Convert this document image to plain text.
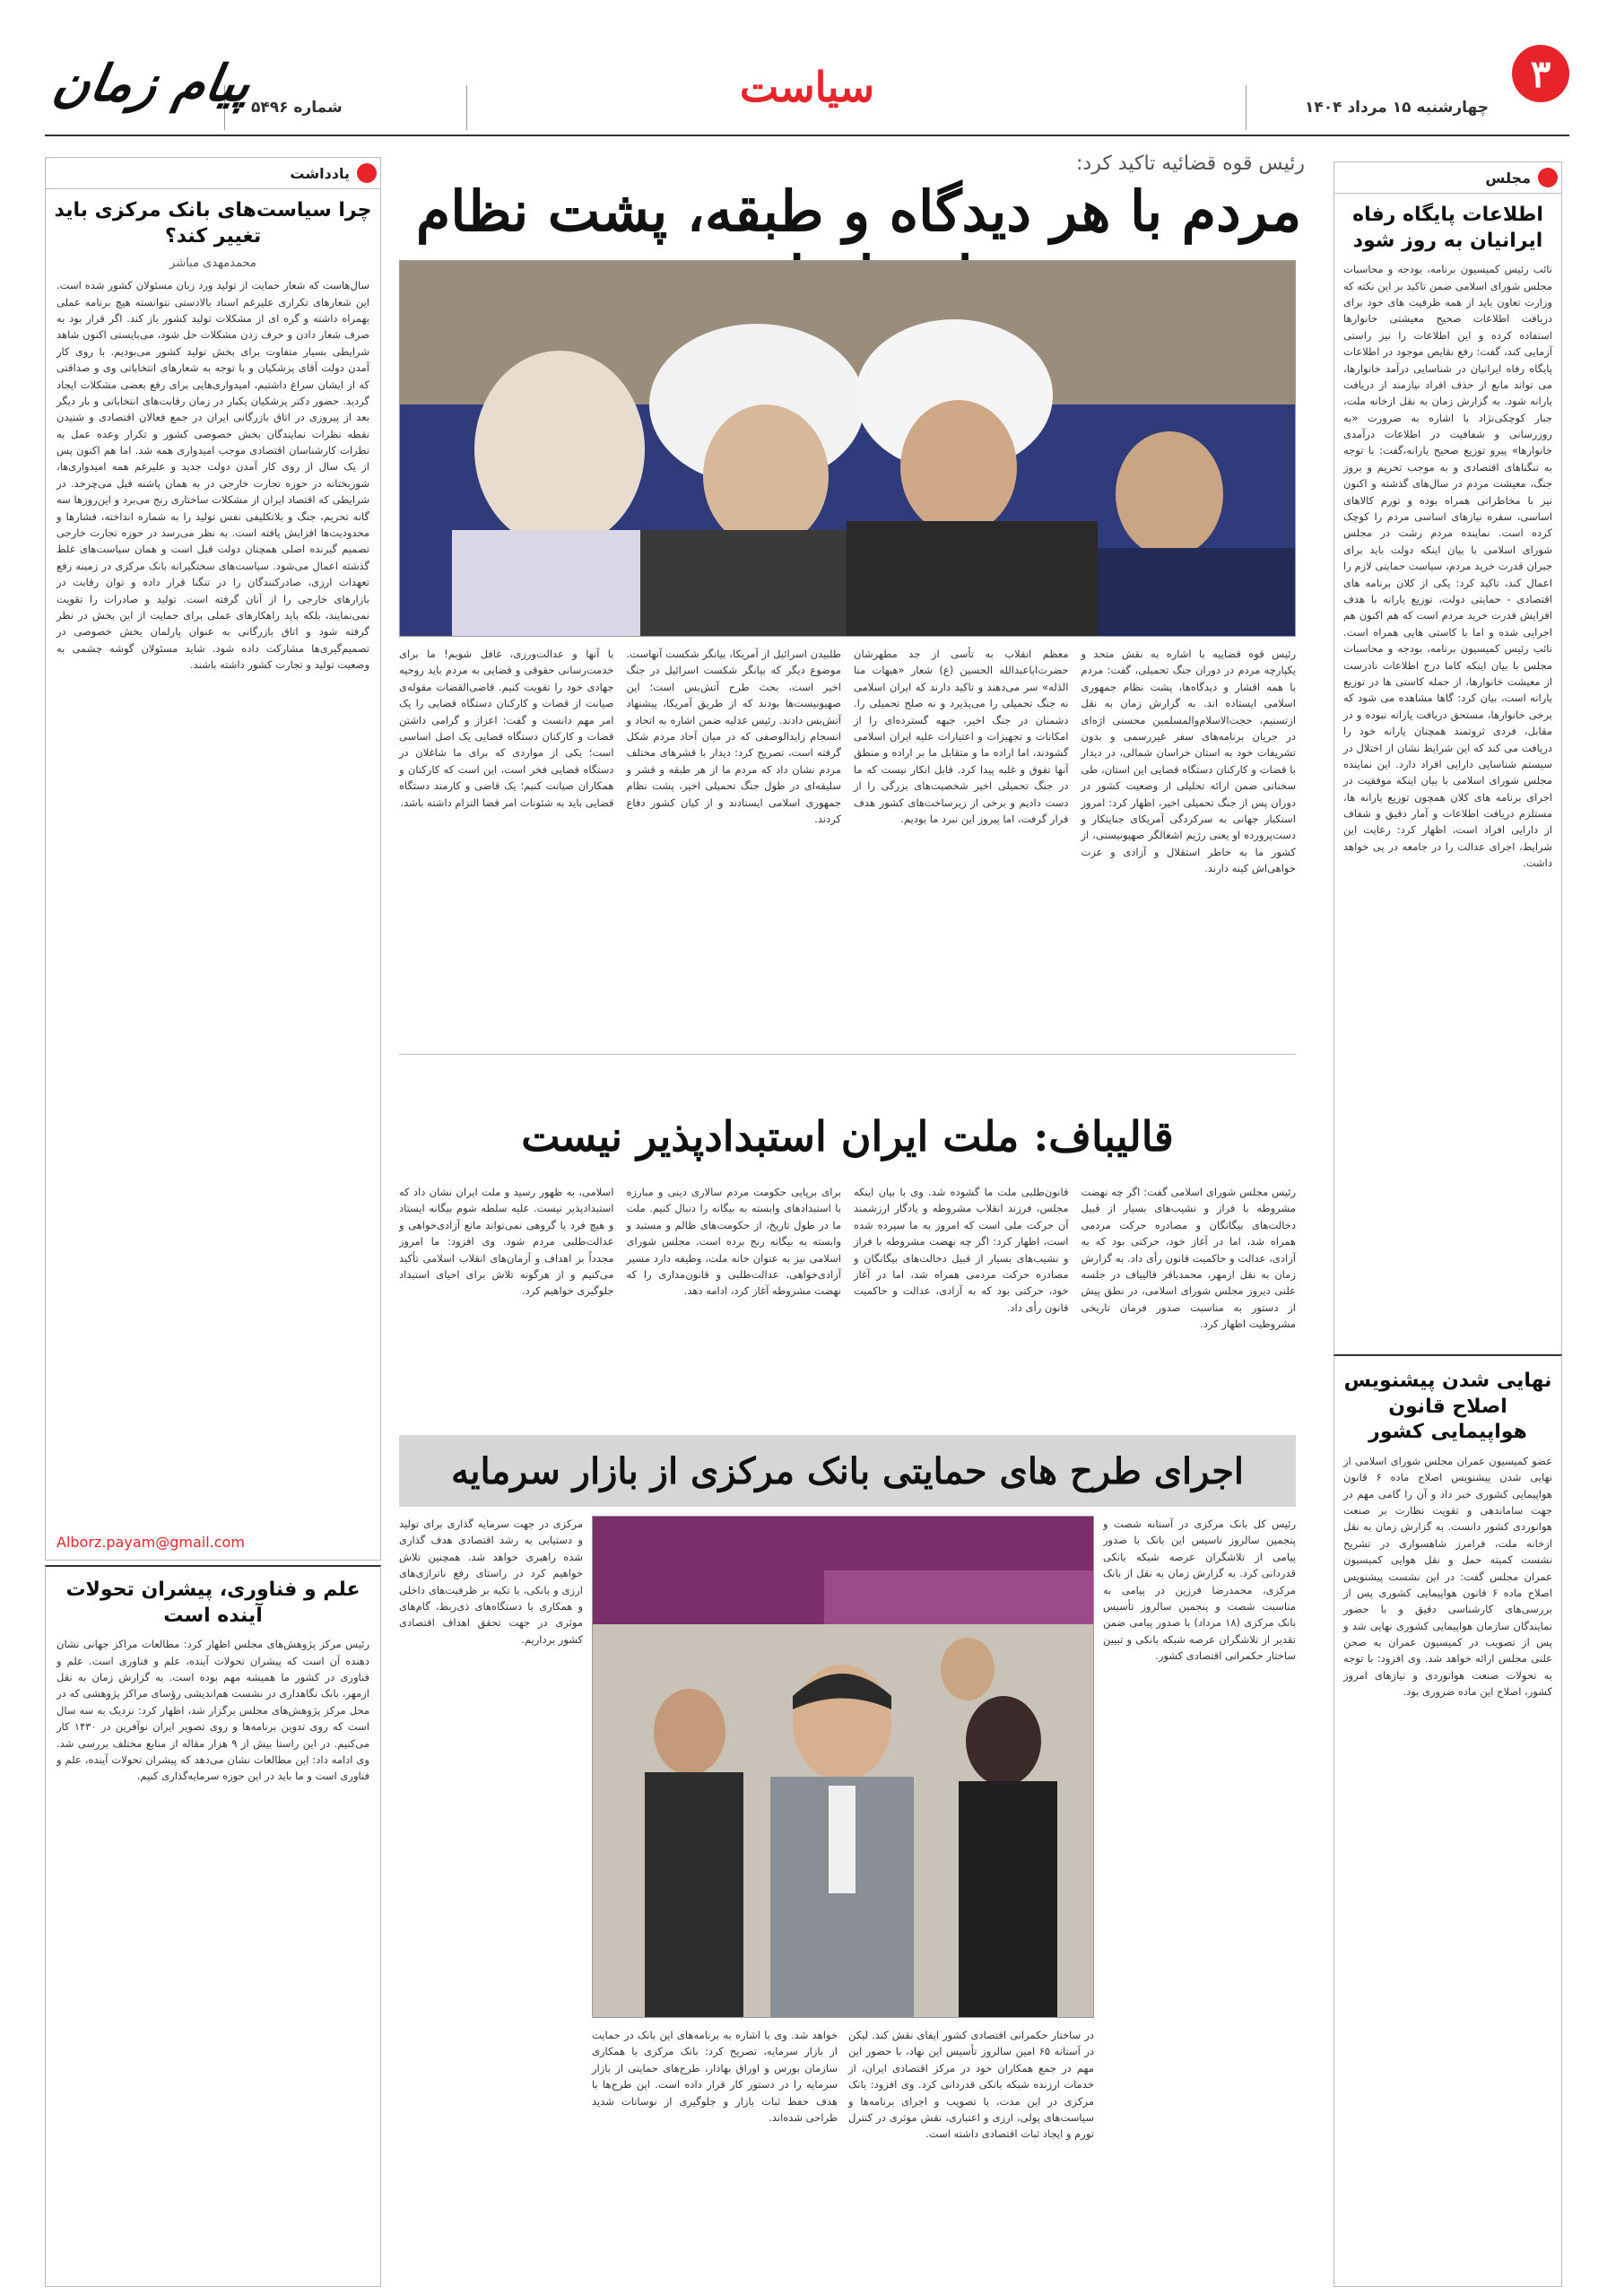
۳
چهارشنبه ۱۵ مرداد ۱۴۰۴
سیاست
شماره ۵۴۹۶
پیام زمان
مجلس
اطلاعات پایگاه رفاه ایرانیان به روز شود
نائب رئیس کمیسیون برنامه، بودجه و محاسبات مجلس شورای اسلامی ضمن تاکید بر این نکته که وزارت تعاون باید از همه ظرفیت های خود برای دریافت اطلاعات صحیح معیشتی خانوارها استفاده کرده و این اطلاعات را نیز راستی آزمایی کند، گفت: رفع نقایص موجود در اطلاعات پایگاه رفاه ایرانیان در شناسایی درآمد خانوارها، می تواند مانع از حذف افراد نیازمند از دریافت یارانه شود. به گزارش زمان به نقل ازخانه ملت، جبار کوچکی‌نژاد با اشاره به ضرورت «به روزرسانی و شفافیت در اطلاعات درآمدی خانوارها» پیرو توزیع صحیح یارانه،گفت: با توجه به تنگناهای اقتصادی و به موجب تحریم و بروز جنگ، معیشت مردم در سال‌های گذشته و اکنون نیز با مخاطراتی همراه بوده و تورم کالاهای اساسی، سفره نیازهای اساسی مردم را کوچک کرده است. نماینده مردم رشت در مجلس شورای اسلامی با بیان اینکه دولت باید برای جبران قدرت خرید مردم، سیاست حمایتی لازم را اعمال کند، تاکید کرد: یکی از کلان برنامه های اقتصادی - حمایتی دولت، توزیع یارانه با هدف افزایش قدرت خرید مردم است که هم اکنون هم اجرایی شده و اما با کاستی هایی همراه است. نائب رئیس کمیسیون برنامه، بودجه و محاسبات مجلس با بیان اینکه کاما درج اطلاعات نادرست از معیشت خانوارها، از جمله کاستی ها در توزیع یارانه است، بیان کرد: گاها مشاهده می شود که برخی خانوارها، مستحق دریافت یارانه نبوده و در مقابل، فردی ثروتمند همچنان یارانه خود را دریافت می کند که این شرایط نشان از اختلال در سیستم شناسایی دارایی افراد دارد. این نماینده مجلس شورای اسلامی با بیان اینکه موفقیت در اجرای برنامه های کلان همچون توزیع یارانه ها، مستلزم دریافت اطلاعات و آمار دقیق و شفاف از دارایی افراد است، اظهار کرد: رعایت این شرایط، اجرای عدالت را در جامعه در پی خواهد داشت.
نهایی شدن پیشنویس اصلاح قانون هواپیمایی کشور
عضو کمیسیون عمران مجلس شورای اسلامی از نهایی شدن پیشنویس اصلاح ماده ۶ قانون هواپیمایی کشوری خبر داد و آن را گامی مهم در جهت ساماندهی و تقویت نظارت بر صنعت هوانوردی کشور دانست. به گزارش زمان به نقل ازخانه ملت، فرامرز شاهسواری در تشریح نشست کمیته حمل و نقل هوایی کمیسیون عمران مجلس گفت: در این نشست پیشنویس اصلاح ماده ۶ قانون هواپیمایی کشوری پس از بررسی‌های کارشناسی دقیق و با حضور نمایندگان سازمان هواپیمایی کشوری نهایی شد و پس از تصویب در کمیسیون عمران به صحن علنی مجلس ارائه خواهد شد. وی افزود: با توجه به تحولات صنعت هوانوردی و نیازهای امروز کشور، اصلاح این ماده ضروری بود.
یادداشت
چرا سیاست‌های بانک مرکزی باید تغییر کند؟
محمدمهدی مباشر
سال‌هاست که شعار حمایت از تولید ورد زبان مسئولان کشور شده است. این شعارهای تکراری علیرغم اسناد بالادستی نتوانسته هیچ برنامه عملی بهمراه داشته و گره ای از مشکلات تولید کشور باز کند. اگر قرار بود به صرف شعار دادن و حرف زدن مشکلات حل شود، می‌بایستی اکنون شاهد شرایطی بسیار متفاوت برای بخش تولید کشور می‌بودیم. با روی کار آمدن دولت آقای پزشکیان و با توجه به شعارهای انتخاباتی وی و صداقتی که از ایشان سراغ داشتیم، امیدواری‌هایی برای رفع بعضی مشکلات ایجاد گردید. حضور دکتر پزشکیان یکبار در زمان رقابت‌های انتخاباتی و بار دیگر بعد از پیروزی در اتاق بازرگانی ایران در جمع فعالان اقتصادی و شنیدن نقطه نظرات نمایندگان بخش خصوصی کشور و تکرار وعده عمل به نظرات کارشناسان اقتصادی موجب امیدواری همه شد. اما هم اکنون پس از یک سال از روی کار آمدن دولت جدید و علیرغم همه امیدواری‌ها، شوربختانه در حوزه تجارت خارجی در به همان پاشنه قبل می‌چرخد. در شرایطی که اقتصاد ایران از مشکلات ساختاری رنج می‌برد و این‌روزها سه گانه تحریم، جنگ و بلاتکلیفی نفس تولید را به شماره انداخته، فشارها و محدودیت‌ها افزایش یافته است. به نظر می‌رسد در حوزه تجارت خارجی تصمیم گیرنده اصلی همچنان دولت قبل است و همان سیاست‌های غلط گذشته اعمال می‌شود. سیاست‌های سختگیرانه بانک مرکزی در زمینه رفع تعهدات ارزی، صادرکنندگان را در تنگنا قرار داده و توان رقابت در بازارهای خارجی را از آنان گرفته است. تولید و صادرات را تقویت نمی‌نمایند، بلکه باید راهکارهای عملی برای حمایت از این بخش در نظر گرفته شود و اتاق بازرگانی به عنوان پارلمان بخش خصوصی در تصمیم‌گیری‌ها مشارکت داده شود. شاید مسئولان گوشه چشمی به وضعیت تولید و تجارت کشور داشته باشند.
Alborz.payam@gmail.com
علم و فناوری، پیشران تحولات آینده است
رئیس مرکز پژوهش‌های مجلس اظهار کرد: مطالعات مراکز جهانی نشان دهنده آن است که پیشران تحولات آینده، علم و فناوری است. علم و فناوری در کشور ما همیشه مهم بوده است. به گزارش زمان به نقل ازمهر، بابک نگاهداری در نشست هم‌اندیشی رؤسای مراکز پژوهشی که در محل مرکز پژوهش‌های مجلس برگزار شد، اظهار کرد: نزدیک به سه سال است که روی تدوین برنامه‌ها و روی تصویر ایران نوآفرین در ۱۴۳۰ کار می‌کنیم. در این راستا بیش از ۹ هزار مقاله از منابع مختلف بررسی شد. وی ادامه داد: این مطالعات نشان می‌دهد که پیشران تحولات آینده، علم و فناوری است و ما باید در این حوزه سرمایه‌گذاری کنیم.
رئیس قوه قضائیه تاکید کرد:
مردم با هر دیدگاه و طبقه، پشت نظام
رئیس قوه قضاییه با اشاره به نقش متحد و یکپارچه مردم در دوران جنگ تحمیلی، گفت: مردم با همه اقشار و دیدگاه‌ها، پشت نظام جمهوری اسلامی ایستاده اند. به گزارش زمان به نقل ازتسنیم، حجت‌الاسلام‌والمسلمین محسنی اژه‌ای در جریان برنامه‌های سفر غیررسمی و بدون تشریفات خود به استان خراسان شمالی، در دیدار با قضات و کارکنان دستگاه قضایی این استان، طی سخنانی ضمن ارائه تحلیلی از وضعیت کشور در دوران پس از جنگ تحمیلی اخیر، اظهار کرد: امروز استکبار جهانی به سرکردگی آمریکای جنایتکار و دست‌پرورده او یعنی رژیم اشغالگر صهیونیستی، از کشور ما به خاطر استقلال و آزادی و عزت خواهی‌اش کینه دارند.
معظم انقلاب به تأسی از جد مطهرشان حضرت‌اباعبدالله الحسین (ع) شعار «هیهات منا الذله» سر می‌دهند و تاکید دارند که ایران اسلامی نه جنگ تحمیلی را می‌پذیرد و نه صلح تحمیلی را. دشمنان در جنگ اخیر، جبهه گسترده‌ای را از امکانات و تجهیزات و اعتبارات علیه ایران اسلامی گشودند، اما اراده ما و متقابل ما بر اراده و منطق آنها تفوق و غلبه پیدا کرد. قابل انکار نیست که ما در جنگ تحمیلی اخیر شخصیت‌های بزرگی را از دست دادیم و برخی از زیرساخت‌های کشور هدف قرار گرفت، اما پیروز این نبرد ما بودیم.
طلبیدن اسرائیل از آمریکا، بیانگر شکست آنهاست. موضوع دیگر که بیانگر شکست اسرائیل در جنگ اخیر است، بحث طرح آتش‌بس است؛ این صهیونیست‌ها بودند که از طریق آمریکا، پیشنهاد آتش‌بس دادند. رئیس عدلیه ضمن اشاره به اتحاد و انسجام زایدالوصفی که در میان آحاد مردم شکل گرفته است، تصریح کرد: دیدار با قشرهای مختلف مردم نشان داد که مردم ما از هر طبقه و قشر و سلیقه‌ای در طول جنگ تحمیلی اخیر، پشت نظام جمهوری اسلامی ایستادند و از کیان کشور دفاع کردند.
با آنها و عدالت‌ورزی، غافل شویم! ما برای خدمت‌رسانی حقوقی و قضایی به مردم باید روحیه جهادی خود را تقویت کنیم. قاضی‌القضات مقوله‌ی صیانت از قضات و کارکنان دستگاه قضایی را یک امر مهم دانست و گفت: اعزاز و گرامی داشتن قضات و کارکنان دستگاه قضایی یک اصل اساسی است؛ یکی از مواردی که برای ما شاغلان در دستگاه قضایی فخر است، این است که کارکنان و همکاران صیانت کنیم؛ یک قاضی و کارمند دستگاه قضایی باید به شئونات امر قضا التزام داشته باشد.
قالیباف: ملت ایران استبدادپذیر نیست
رئیس مجلس شورای اسلامی گفت: اگر چه نهضت مشروطه با فراز و نشیب‌های بسیار از قبیل دخالت‌های بیگانگان و مصادره حرکت مردمی همراه شد، اما در آغاز خود، حرکتی بود که به آزادی، عدالت و حاکمیت قانون رأی داد. به گزارش زمان به نقل ازمهر، محمدباقر قالیباف در جلسه علنی دیروز مجلس شورای اسلامی، در نطق پیش از دستور به مناسبت صدور فرمان تاریخی مشروطیت اظهار کرد.
قانون‌طلبی ملت ما گشوده شد. وی با بیان اینکه مجلس، فرزند انقلاب مشروطه و یادگار ارزشمند آن حرکت ملی است که امروز به ما سپرده شده است، اظهار کرد: اگر چه نهضت مشروطه با فراز و نشیب‌های بسیار از قبیل دخالت‌های بیگانگان و مصادره حرکت مردمی همراه شد، اما در آغاز خود، حرکتی بود که به آزادی، عدالت و حاکمیت قانون رأی داد.
برای برپایی حکومت مردم سالاری دینی و مبارزه با استبدادهای وابسته به بیگانه را دنبال کنیم. ملت ما در طول تاریخ، از حکومت‌های ظالم و مستبد و وابسته به بیگانه رنج برده است. مجلس شورای اسلامی نیز به عنوان خانه ملت، وظیفه دارد مسیر آزادی‌خواهی، عدالت‌طلبی و قانون‌مداری را که نهضت مشروطه آغاز کرد، ادامه دهد.
اسلامی، به ظهور رسید و ملت ایران نشان داد که استبدادپذیر نیست. علیه سلطه شوم بیگانه ایستاد و هیچ فرد یا گروهی نمی‌تواند مانع آزادی‌خواهی و عدالت‌طلبی مردم شود. وی افزود: ما امروز مجدداً بر اهداف و آرمان‌های انقلاب اسلامی تأکید می‌کنیم و از هرگونه تلاش برای احیای استبداد جلوگیری خواهیم کرد.
اجرای طرح های حمایتی بانک مرکزی از بازار سرمایه
رئیس کل بانک مرکزی در آستانه شصت و پنجمین سالروز تاسیس این بانک با صدور پیامی از تلاشگران عرصه شبکه بانکی قدردانی کرد. به گزارش زمان به نقل از بانک مرکزی، محمدرضا فرزین در پیامی به مناسبت شصت و پنجمین سالروز تأسیس بانک مرکزی (۱۸ مرداد) با صدور پیامی ضمن تقدیر از تلاشگران عرصه شبکه بانکی و تبیین ساختار حکمرانی اقتصادی کشور.
در ساختار حکمرانی اقتصادی کشور ایفای نقش کند. لیکن در آستانه ۶۵ امین سالروز تأسیس این نهاد، با حضور این مهم در جمع همکاران خود در مرکز اقتصادی ایران، از خدمات ارزنده شبکه بانکی قدردانی کرد. وی افزود: بانک مرکزی در این مدت، با تصویب و اجرای برنامه‌ها و سیاست‌های پولی، ارزی و اعتباری، نقش موثری در کنترل تورم و ایجاد ثبات اقتصادی داشته است.
خواهد شد. وی با اشاره به برنامه‌های این بانک در حمایت از بازار سرمایه، تصریح کرد: بانک مرکزی با همکاری سازمان بورس و اوراق بهادار، طرح‌های حمایتی از بازار سرمایه را در دستور کار قرار داده است. این طرح‌ها با هدف حفظ ثبات بازار و جلوگیری از نوسانات شدید طراحی شده‌اند.
مرکزی در جهت سرمایه گذاری برای تولید و دستیابی به رشد اقتصادی هدف گذاری شده راهبری خواهد شد. همچنین تلاش خواهیم کرد در راستای رفع ناترازی‌های ارزی و بانکی، با تکیه بر ظرفیت‌های داخلی و همکاری با دستگاه‌های ذی‌ربط، گام‌های موثری در جهت تحقق اهداف اقتصادی کشور برداریم.
